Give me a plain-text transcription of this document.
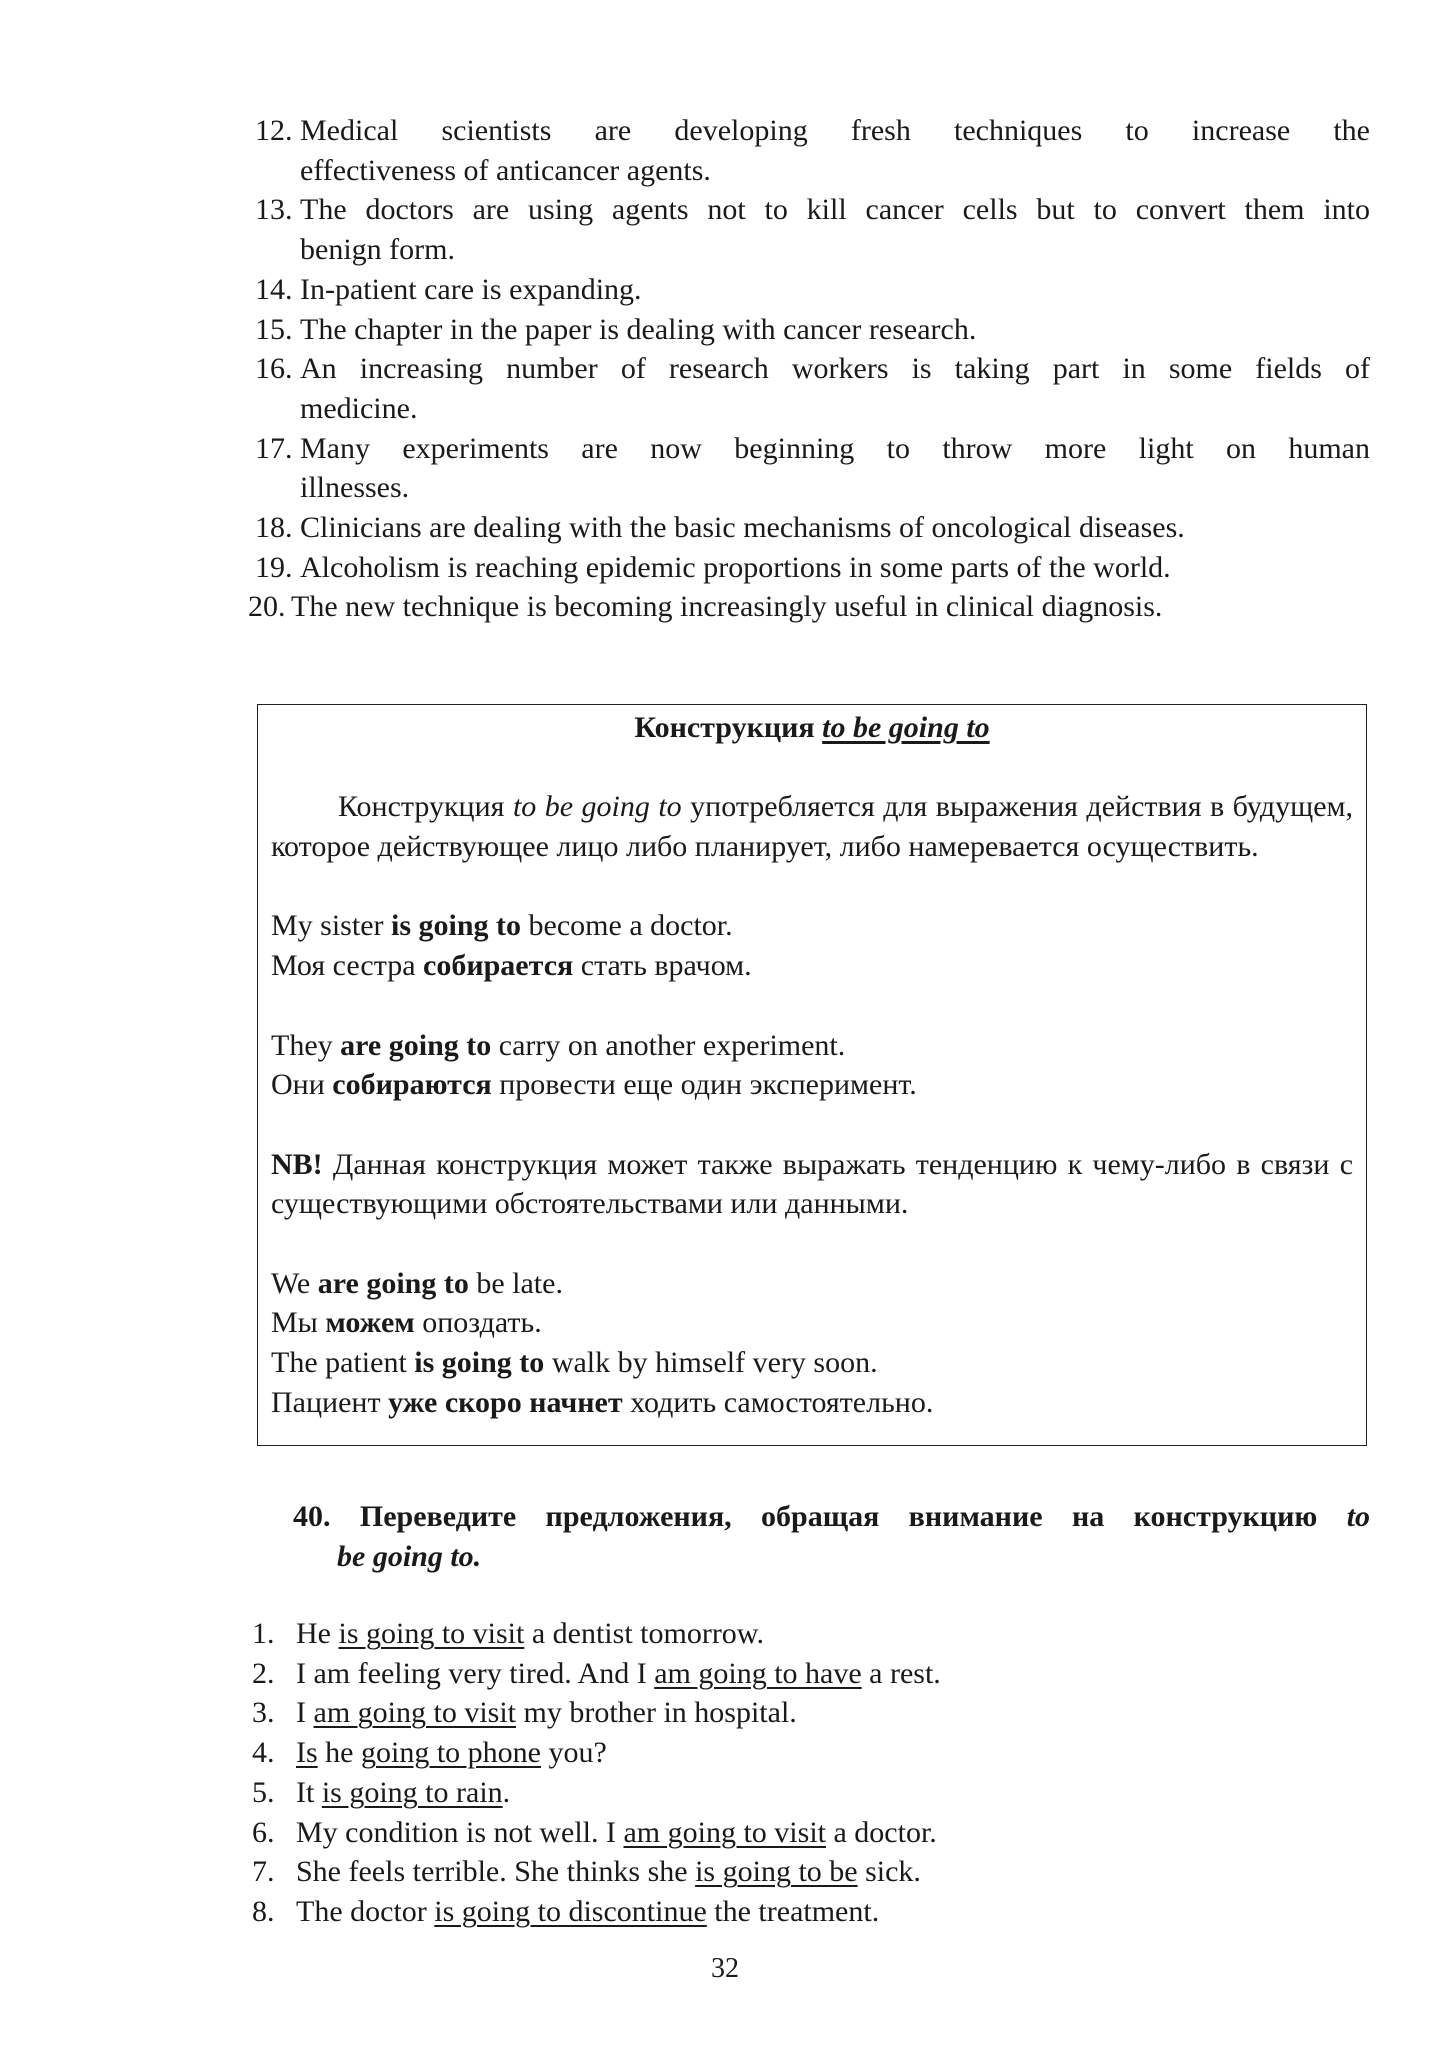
12. Medical scientists are developing fresh techniques to increase the
effectiveness of anticancer agents.
13. The doctors are using agents not to kill cancer cells but to convert them into
benign form.
14. In-patient care is expanding.
15. The chapter in the paper is dealing with cancer research.
16. An increasing number of research workers is taking part in some fields of
medicine.
17. Many experiments are now beginning to throw more light on human
illnesses.
18. Clinicians are dealing with the basic mechanisms of oncological diseases.
19. Alcoholism is reaching epidemic proportions in some parts of the world.
20. The new technique is becoming increasingly useful in clinical diagnosis.
Конструкция to be going to
Конструкция to be going to употребляется для выражения действия в будущем, которое действующее лицо либо планирует, либо намеревается осуществить.
My sister is going to become a doctor.
Моя сестра собирается стать врачом.
They are going to carry on another experiment.
Они собираются провести еще один эксперимент.
NB! Данная конструкция может также выражать тенденцию к чему-либо в связи с существующими обстоятельствами или данными.
We are going to be late.
Мы можем опоздать.
The patient is going to walk by himself very soon.
Пациент уже скоро начнет ходить самостоятельно.
40. Переведите предложения, обращая внимание на конструкцию to
be going to.
1. He is going to visit a dentist tomorrow.
2. I am feeling very tired. And I am going to have a rest.
3. I am going to visit my brother in hospital.
4. Is he going to phone you?
5. It is going to rain.
6. My condition is not well. I am going to visit a doctor.
7. She feels terrible. She thinks she is going to be sick.
8. The doctor is going to discontinue the treatment.
32
